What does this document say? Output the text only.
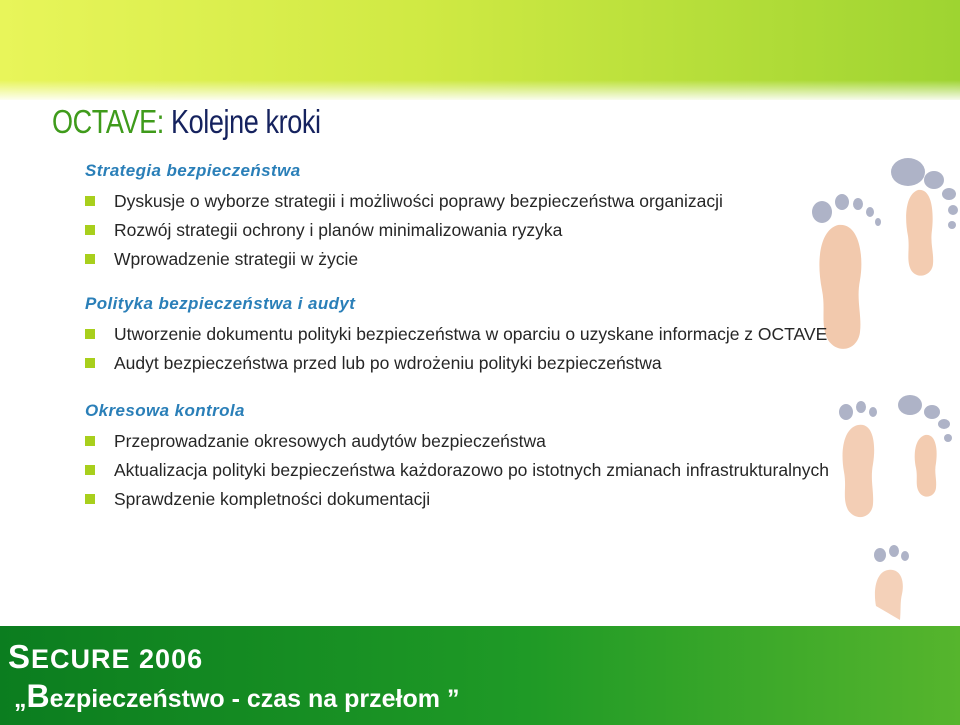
OCTAVE: Kolejne kroki
Strategia bezpieczeństwa
Dyskusje o wyborze strategii i możliwości poprawy bezpieczeństwa organizacji
Rozwój strategii ochrony i planów minimalizowania ryzyka
Wprowadzenie strategii w życie
Polityka bezpieczeństwa i audyt
Utworzenie dokumentu polityki bezpieczeństwa w oparciu o uzyskane informacje z OCTAVE
Audyt bezpieczeństwa przed lub po wdrożeniu polityki bezpieczeństwa
Okresowa kontrola
Przeprowadzanie okresowych audytów bezpieczeństwa
Aktualizacja polityki bezpieczeństwa każdorazowo po istotnych zmianach infrastrukturalnych
Sprawdzenie kompletności dokumentacji
SECURE 2006
„Bezpieczeństwo - czas na przełom ”
